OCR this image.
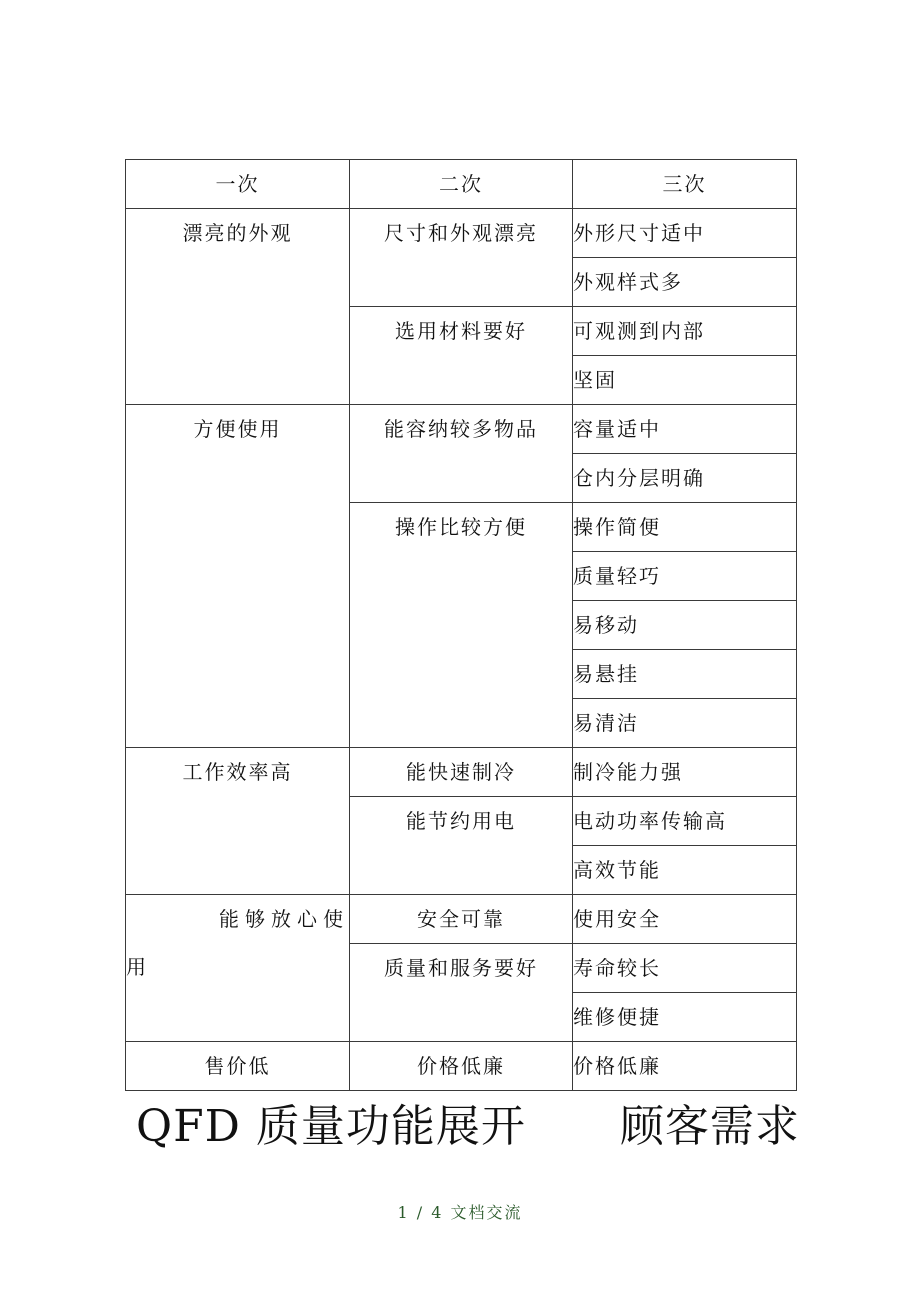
一次	二次	三次
漂亮的外观	尺寸和外观漂亮	外形尺寸适中
		外观样式多
	选用材料要好	可观测到内部
		坚固
方便使用	能容纳较多物品	容量适中
		仓内分层明确
	操作比较方便	操作简便
		质量轻巧
		易移动
		易悬挂
		易清洁
工作效率高	能快速制冷	制冷能力强
	能节约用电	电动功率传输高
		高效节能

能够放心使
用	安全可靠	使用安全
	质量和服务要好	寿命较长
		维修便捷
售价低	价格低廉	价格低廉
QFD 质量功能展开 顾客需求
1 / 4 文档交流
